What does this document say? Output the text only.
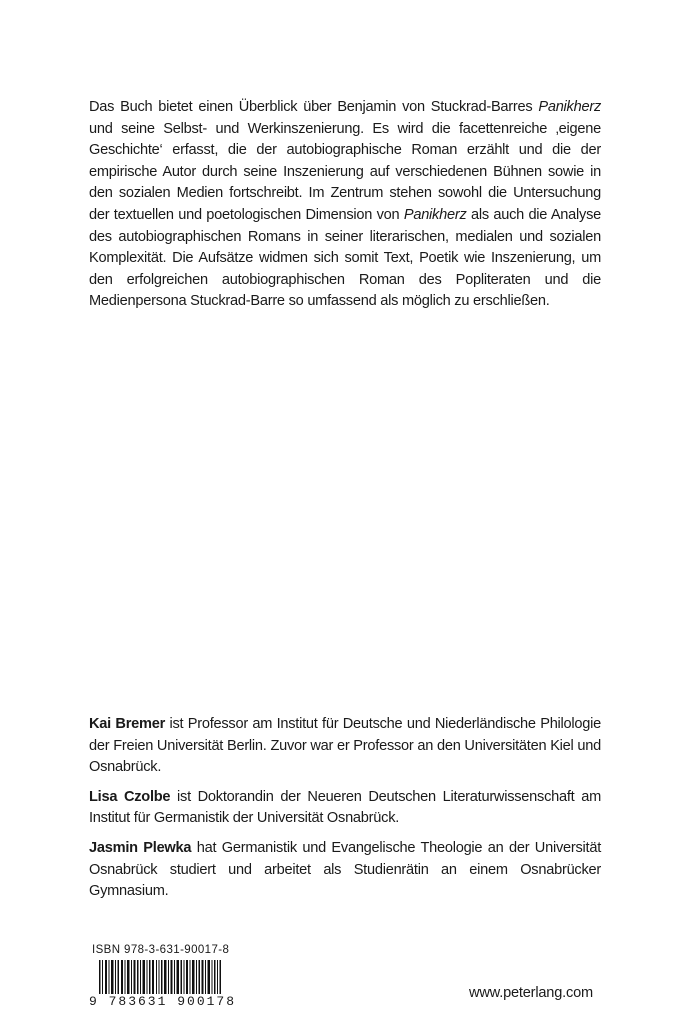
Das Buch bietet einen Überblick über Benjamin von Stuckrad-Barres Panikherz und seine Selbst- und Werkinszenierung. Es wird die facettenreiche ‚eigene Geschichte‘ erfasst, die der autobiographische Roman erzählt und die der empirische Autor durch seine Inszenierung auf verschiedenen Bühnen sowie in den sozialen Medien fortschreibt. Im Zentrum stehen sowohl die Untersuchung der textuellen und poetologischen Dimension von Panikherz als auch die Analyse des autobiographischen Romans in seiner literarischen, medialen und sozialen Komplexität. Die Aufsätze widmen sich somit Text, Poetik wie Inszenierung, um den erfolgreichen autobiographischen Roman des Popliteraten und die Medienpersona Stuckrad-Barre so umfassend als möglich zu erschließen.

Kai Bremer ist Professor am Institut für Deutsche und Niederländische Philologie der Freien Universität Berlin. Zuvor war er Professor an den Universitäten Kiel und Osnabrück.

Lisa Czolbe ist Doktorandin der Neueren Deutschen Literaturwissenschaft am Institut für Germanistik der Universität Osnabrück.

Jasmin Plewka hat Germanistik und Evangelische Theologie an der Universität Osnabrück studiert und arbeitet als Studienrätin an einem Osnabrücker Gymnasium.

ISBN 978-3-631-90017-8
9 783631 900178
www.peterlang.com
